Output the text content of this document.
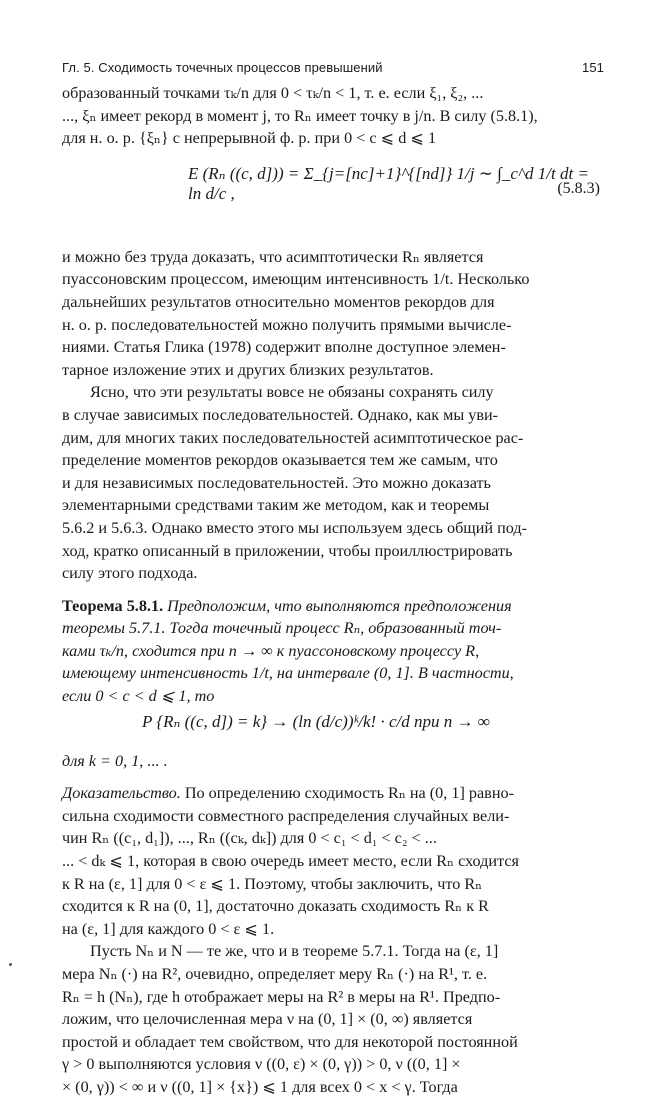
Гл. 5. Сходимость точечных процессов превышений	151
образованный точками τₖ/n для 0 < τₖ/n < 1, т. е. если ξ₁, ξ₂, ...
..., ξₙ имеет рекорд в момент j, то Rₙ имеет точку в j/n. В силу (5.8.1),
для н. о. р. {ξₙ} с непрерывной ф. р. при 0 < c ⩽ d ⩽ 1
E (Rₙ ((c, d])) = Σ_{j=[nc]+1}^{[nd]} 1/j ∼ ∫_c^d 1/t dt = ln d/c ,	(5.8.3)
и можно без труда доказать, что асимптотически Rₙ является
пуассоновским процессом, имеющим интенсивность 1/t. Несколько
дальнейших результатов относительно моментов рекордов для
н. о. р. последовательностей можно получить прямыми вычисле-
ниями. Статья Глика (1978) содержит вполне доступное элемен-
тарное изложение этих и других близких результатов.
Ясно, что эти результаты вовсе не обязаны сохранять силу
в случае зависимых последовательностей. Однако, как мы уви-
дим, для многих таких последовательностей асимптотическое рас-
пределение моментов рекордов оказывается тем же самым, что
и для независимых последовательностей. Это можно доказать
элементарными средствами таким же методом, как и теоремы
5.6.2 и 5.6.3. Однако вместо этого мы используем здесь общий под-
ход, кратко описанный в приложении, чтобы проиллюстрировать
силу этого подхода.
Теорема 5.8.1. Предположим, что выполняются предположения
теоремы 5.7.1. Тогда точечный процесс Rₙ, образованный точ-
ками τₖ/n, сходится при n → ∞ к пуассоновскому процессу R,
имеющему интенсивность 1/t, на интервале (0, 1]. В частности,
если 0 < c < d ⩽ 1, то
P {Rₙ ((c, d]) = k} → (ln (d/c))ᵏ/k! · c/d при n → ∞
для k = 0, 1, ... .
Доказательство. По определению сходимость Rₙ на (0, 1] равно-
сильна сходимости совместного распределения случайных вели-
чин Rₙ ((c₁, d₁]), ..., Rₙ ((cₖ, dₖ]) для 0 < c₁ < d₁ < c₂ < ...
... < dₖ ⩽ 1, которая в свою очередь имеет место, если Rₙ сходится
к R на (ε, 1] для 0 < ε ⩽ 1. Поэтому, чтобы заключить, что Rₙ
сходится к R на (0, 1], достаточно доказать сходимость Rₙ к R
на (ε, 1] для каждого 0 < ε ⩽ 1.
Пусть Nₙ и N — те же, что и в теореме 5.7.1. Тогда на (ε, 1]
мера Nₙ (·) на R², очевидно, определяет меру Rₙ (·) на R¹, т. е.
Rₙ = h (Nₙ), где h отображает меры на R² в меры на R¹. Предпо-
ложим, что целочисленная мера ν на (0, 1] × (0, ∞) является
простой и обладает тем свойством, что для некоторой постоянной
γ > 0 выполняются условия ν ((0, ε) × (0, γ)) > 0, ν ((0, 1] ×
× (0, γ)) < ∞ и ν ((0, 1] × {x}) ⩽ 1 для всех 0 < x < γ. Тогда
